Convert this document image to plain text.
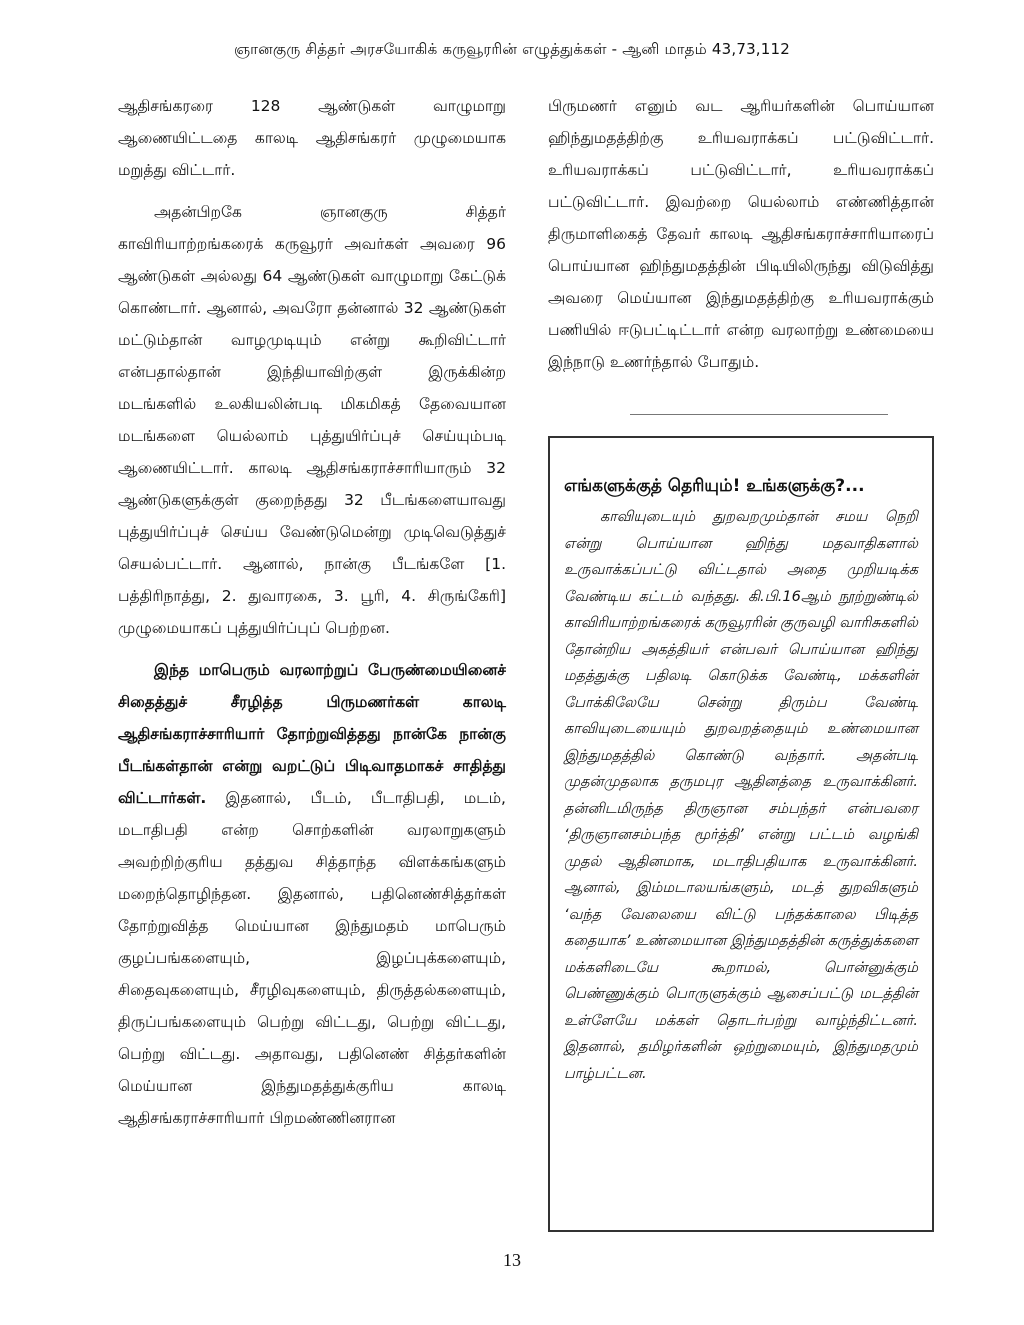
ஞானகுரு சித்தர் அரசயோகிக் கருவூரரின் எழுத்துக்கள் - ஆனி மாதம் 43,73,112

ஆதிசங்கரரை 128 ஆண்டுகள் வாழுமாறு ஆணையிட்டதை காலடி ஆதிசங்கரர் முழுமையாக மறுத்து விட்டார்.

அதன்பிறகே ஞானகுரு சித்தர் காவிரியாற்றங்கரைக் கருவூரர் அவர்கள் அவரை 96 ஆண்டுகள் அல்லது 64 ஆண்டுகள் வாழுமாறு கேட்டுக் கொண்டார். ஆனால், அவரோ தன்னால் 32 ஆண்டுகள் மட்டும்தான் வாழமுடியும் என்று கூறிவிட்டார் என்பதால்தான் இந்தியாவிற்குள் இருக்கின்ற மடங்களில் உலகியலின்படி மிகமிகத் தேவையான மடங்களை யெல்லாம் புத்துயிர்ப்புச் செய்யும்படி ஆணையிட்டார். காலடி ஆதிசங்கராச்சாரியாரும் 32 ஆண்டுகளுக்குள் குறைந்தது 32 பீடங்களையாவது புத்துயிர்ப்புச் செய்ய வேண்டுமென்று முடிவெடுத்துச் செயல்பட்டார். ஆனால், நான்கு பீடங்களே [1. பத்திரிநாத்து, 2. துவாரகை, 3. பூரி, 4. சிருங்கேரி] முழுமையாகப் புத்துயிர்ப்புப் பெற்றன.

இந்த மாபெரும் வரலாற்றுப் பேருண்மையினைச் சிதைத்துச் சீரழித்த பிருமணர்கள் காலடி ஆதிசங்கராச்சாரியார் தோற்றுவித்தது நான்கே நான்கு பீடங்கள்தான் என்று வறட்டுப் பிடிவாதமாகச் சாதித்து விட்டார்கள். இதனால், பீடம், பீடாதிபதி, மடம், மடாதிபதி என்ற சொற்களின் வரலாறுகளும் அவற்றிற்குரிய தத்துவ சித்தாந்த விளக்கங்களும் மறைந்தொழிந்தன. இதனால், பதினெண்சித்தர்கள் தோற்றுவித்த மெய்யான இந்துமதம் மாபெரும் குழப்பங்களையும், இழப்புக்களையும், சிதைவுகளையும், சீரழிவுகளையும், திருத்தல்களையும், திருப்பங்களையும் பெற்று விட்டது, பெற்று விட்டது, பெற்று விட்டது. அதாவது, பதினெண் சித்தர்களின் மெய்யான இந்துமதத்துக்குரிய காலடி ஆதிசங்கராச்சாரியார் பிறமண்ணினரான

பிருமணர் எனும் வட ஆரியர்களின் பொய்யான ஹிந்துமதத்திற்கு உரியவராக்கப் பட்டுவிட்டார். உரியவராக்கப் பட்டுவிட்டார், உரியவராக்கப் பட்டுவிட்டார். இவற்றை யெல்லாம் எண்ணித்தான் திருமாளிகைத் தேவர் காலடி ஆதிசங்கராச்சாரியாரைப் பொய்யான ஹிந்துமதத்தின் பிடியிலிருந்து விடுவித்து அவரை மெய்யான இந்துமதத்திற்கு உரியவராக்கும் பணியில் ஈடுபட்டிட்டார் என்ற வரலாற்று உண்மையை இந்நாடு உணர்ந்தால் போதும்.

எங்களுக்குத் தெரியும்! உங்களுக்கு?...

காவியுடையும் துறவறமும்தான் சமய நெறி என்று பொய்யான ஹிந்து மதவாதிகளால் உருவாக்கப்பட்டு விட்டதால் அதை முறியடிக்க வேண்டிய கட்டம் வந்தது. கி.பி.16ஆம் நூற்றுண்டில் காவிரியாற்றங்கரைக் கருவூரரின் குருவழி வாரிசுகளில் தோன்றிய அகத்தியர் என்பவர் பொய்யான ஹிந்து மதத்துக்கு பதிலடி கொடுக்க வேண்டி, மக்களின் போக்கிலேயே சென்று திரும்ப வேண்டி காவியுடையையும் துறவறத்தையும் உண்மையான இந்துமதத்தில் கொண்டு வந்தார். அதன்படி முதன்முதலாக தருமபுர ஆதினத்தை உருவாக்கினர். தன்னிடமிருந்த திருஞான சம்பந்தர் என்பவரை ‘திருஞானசம்பந்த மூர்த்தி’ என்று பட்டம் வழங்கி முதல் ஆதினமாக, மடாதிபதியாக உருவாக்கினர். ஆனால், இம்மடாலயங்களும், மடத் துறவிகளும் ‘வந்த வேலையை விட்டு பந்தக்காலை பிடித்த கதையாக’ உண்மையான இந்துமதத்தின் கருத்துக்களை மக்களிடையே கூறாமல், பொன்னுக்கும் பெண்ணுக்கும் பொருளுக்கும் ஆசைப்பட்டு மடத்தின் உள்ளேயே மக்கள் தொடர்பற்று வாழ்ந்திட்டனர். இதனால், தமிழர்களின் ஒற்றுமையும், இந்துமதமும் பாழ்பட்டன.

13
